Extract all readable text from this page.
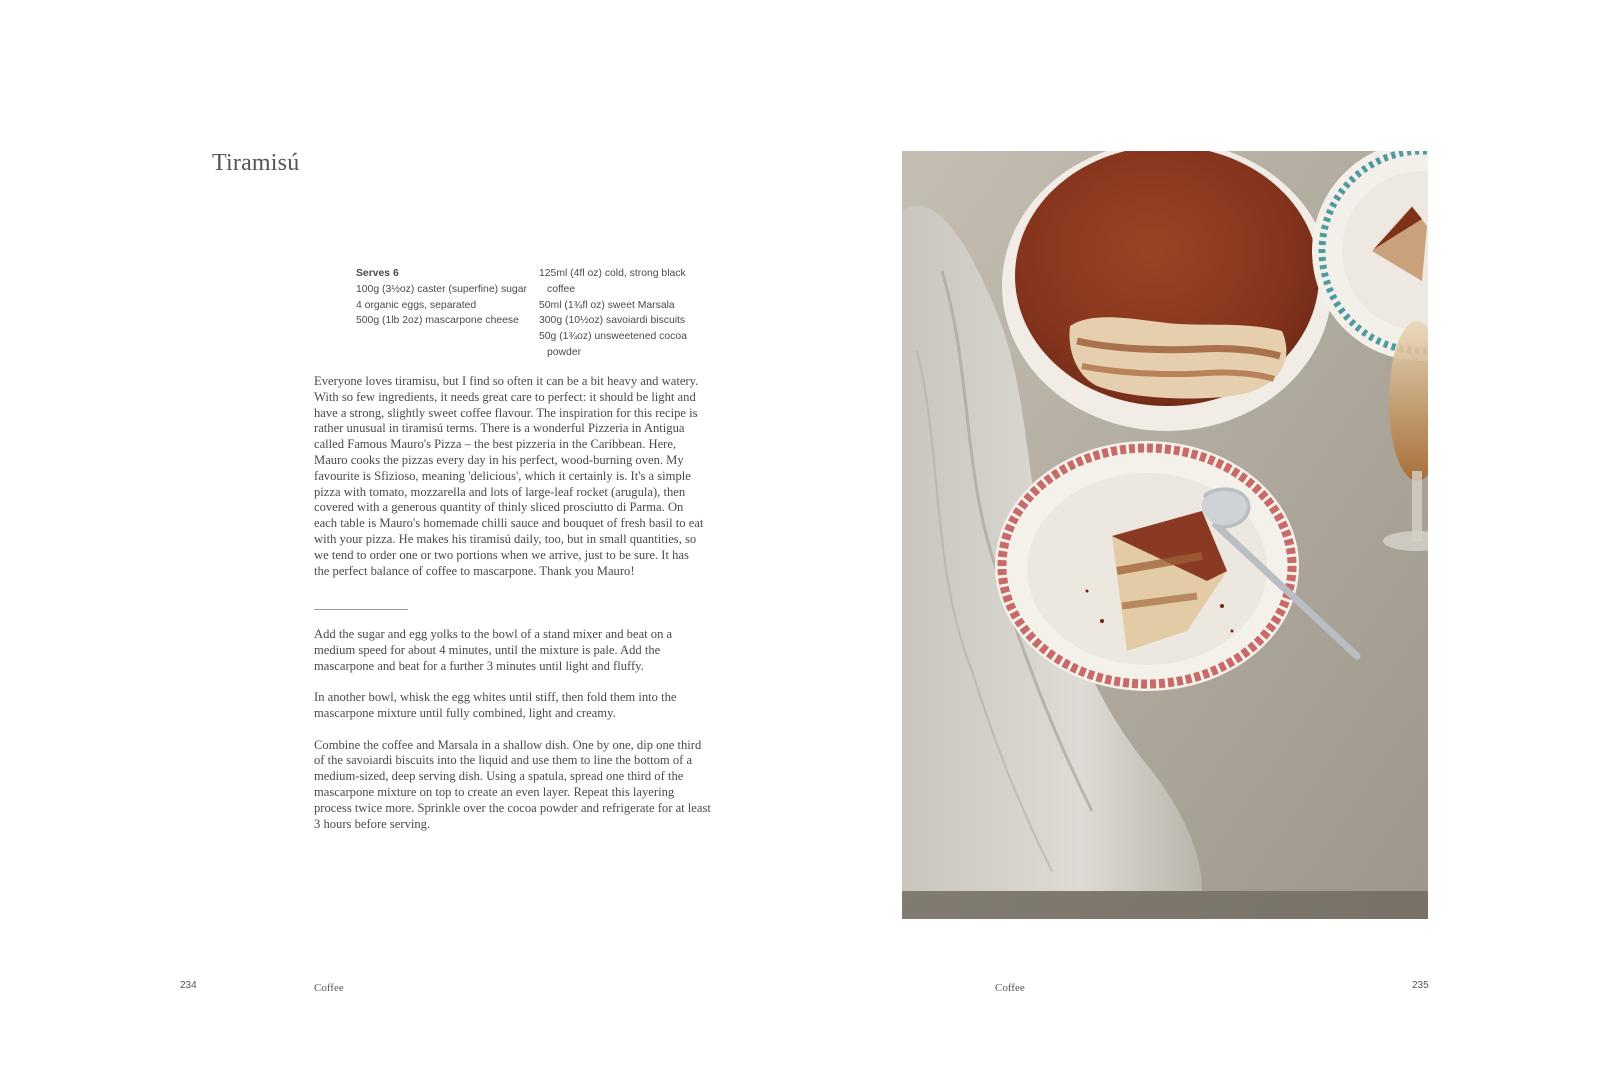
Tiramisú

Serves 6

100g (3½oz) caster (superfine) sugar

4 organic eggs, separated

500g (1lb 2oz) mascarpone cheese

125ml (4fl oz) cold, strong black coffee

50ml (1¾fl oz) sweet Marsala

300g (10½oz) savoiardi biscuits

50g (1¾oz) unsweetened cocoa powder

Everyone loves tiramisu, but I find so often it can be a bit heavy and watery. With so few ingredients, it needs great care to perfect: it should be light and have a strong, slightly sweet coffee flavour. The inspiration for this recipe is rather unusual in tiramisú terms. There is a wonderful Pizzeria in Antigua called Famous Mauro's Pizza – the best pizzeria in the Caribbean. Here, Mauro cooks the pizzas every day in his perfect, wood-burning oven. My favourite is Sfizioso, meaning 'delicious', which it certainly is. It's a simple pizza with tomato, mozzarella and lots of large-leaf rocket (arugula), then covered with a generous quantity of thinly sliced prosciutto di Parma. On each table is Mauro's homemade chilli sauce and bouquet of fresh basil to eat with your pizza. He makes his tiramisú daily, too, but in small quantities, so we tend to order one or two portions when we arrive, just to be sure. It has the perfect balance of coffee to mascarpone. Thank you Mauro!

Add the sugar and egg yolks to the bowl of a stand mixer and beat on a medium speed for about 4 minutes, until the mixture is pale. Add the mascarpone and beat for a further 3 minutes until light and fluffy.

In another bowl, whisk the egg whites until stiff, then fold them into the mascarpone mixture until fully combined, light and creamy.

Combine the coffee and Marsala in a shallow dish. One by one, dip one third of the savoiardi biscuits into the liquid and use them to line the bottom of a medium-sized, deep serving dish. Using a spatula, spread one third of the mascarpone mixture on top to create an even layer. Repeat this layering process twice more. Sprinkle over the cocoa powder and refrigerate for at least 3 hours before serving.

234	Coffee	Coffee	235
